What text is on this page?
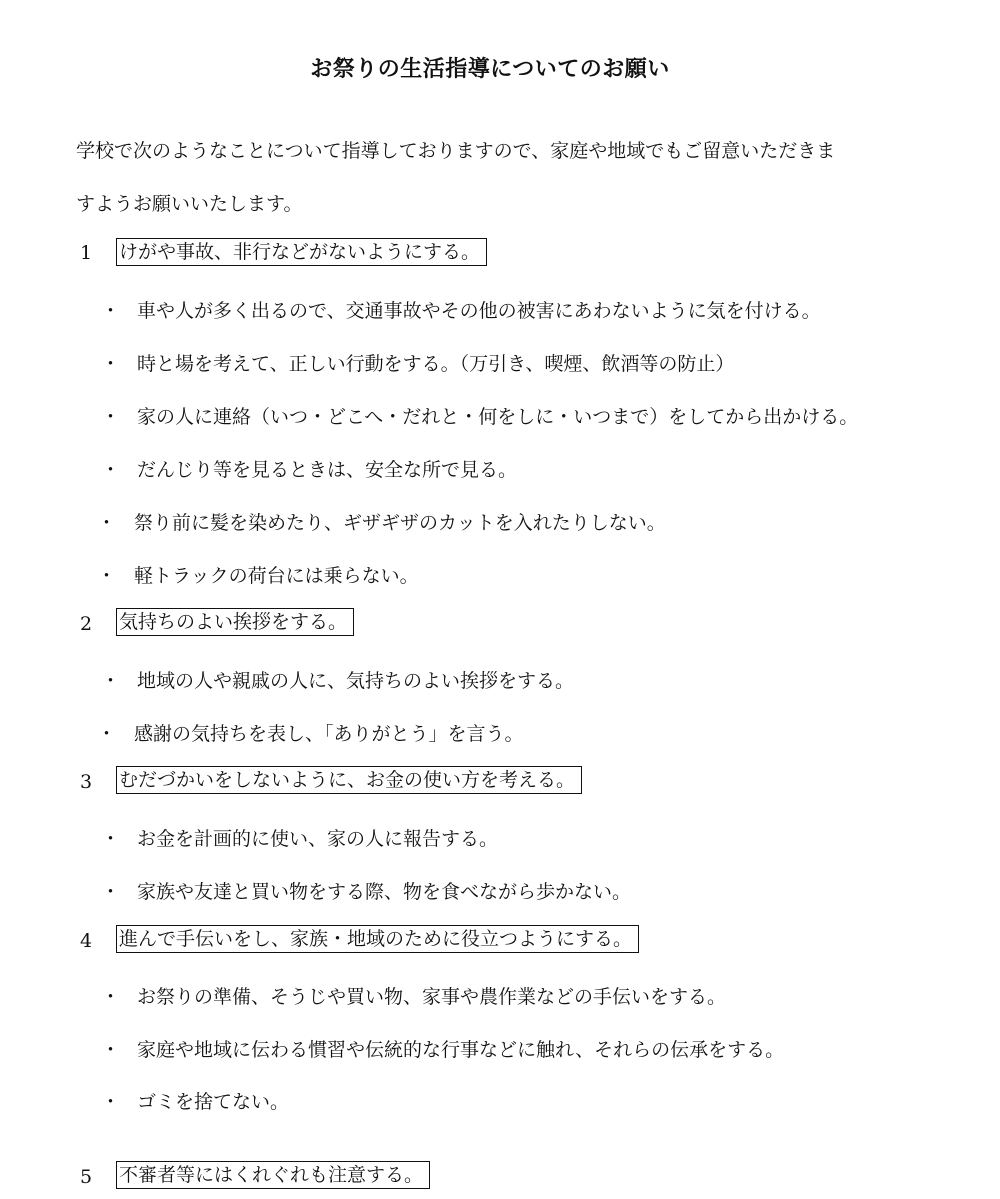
お祭りの生活指導についてのお願い
学校で次のようなことについて指導しておりますので、家庭や地域でもご留意いただきま
すようお願いいたします。
1 けがや事故、非行などがないようにする。
・ 車や人が多く出るので、交通事故やその他の被害にあわないように気を付ける。
・ 時と場を考えて、正しい行動をする。（万引き、喫煙、飲酒等の防止）
・ 家の人に連絡（いつ・どこへ・だれと・何をしに・いつまで）をしてから出かける。
・ だんじり等を見るときは、安全な所で見る。
・ 祭り前に髪を染めたり、ギザギザのカットを入れたりしない。
・ 軽トラックの荷台には乗らない。
2 気持ちのよい挨拶をする。
・ 地域の人や親戚の人に、気持ちのよい挨拶をする。
・ 感謝の気持ちを表し、「ありがとう」を言う。
3 むだづかいをしないように、お金の使い方を考える。
・ お金を計画的に使い、家の人に報告する。
・ 家族や友達と買い物をする際、物を食べながら歩かない。
4 進んで手伝いをし、家族・地域のために役立つようにする。
・ お祭りの準備、そうじや買い物、家事や農作業などの手伝いをする。
・ 家庭や地域に伝わる慣習や伝統的な行事などに触れ、それらの伝承をする。
・ ゴミを捨てない。
5 不審者等にはくれぐれも注意する。
